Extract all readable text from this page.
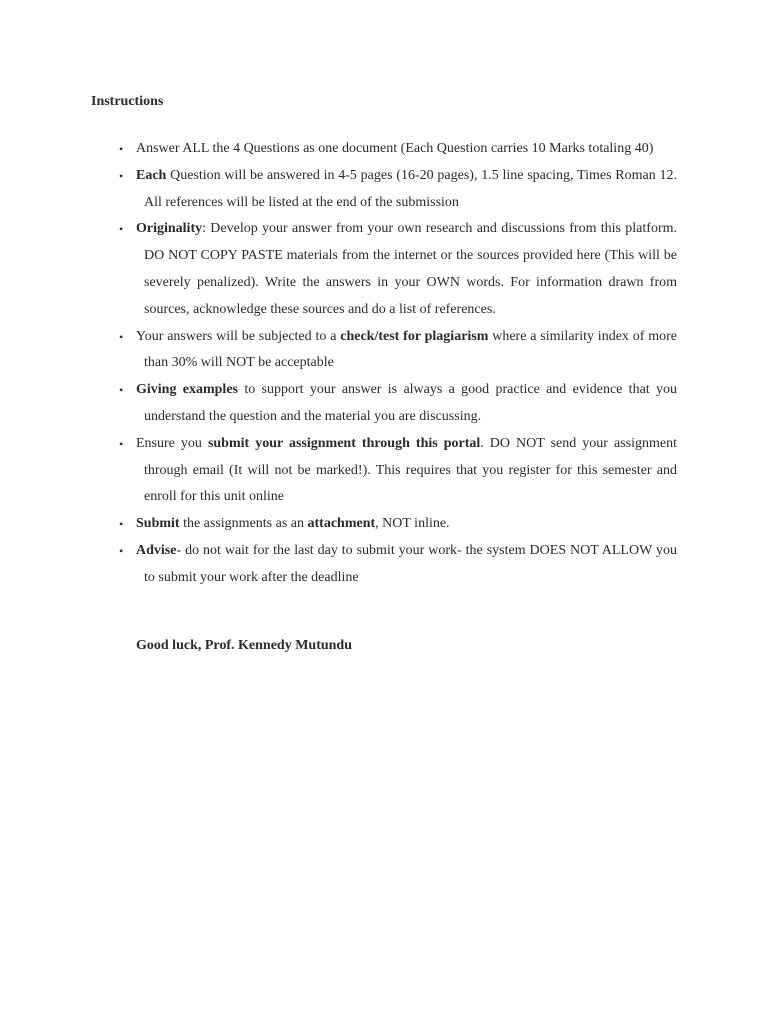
Instructions
• Answer ALL the 4 Questions as one document (Each Question carries 10 Marks totaling 40)
• Each Question will be answered in 4-5 pages (16-20 pages), 1.5 line spacing, Times Roman 12. All references will be listed at the end of the submission
• Originality: Develop your answer from your own research and discussions from this platform. DO NOT COPY PASTE materials from the internet or the sources provided here (This will be severely penalized). Write the answers in your OWN words. For information drawn from sources, acknowledge these sources and do a list of references.
• Your answers will be subjected to a check/test for plagiarism where a similarity index of more than 30% will NOT be acceptable
• Giving examples to support your answer is always a good practice and evidence that you understand the question and the material you are discussing.
• Ensure you submit your assignment through this portal. DO NOT send your assignment through email (It will not be marked!). This requires that you register for this semester and enroll for this unit online
• Submit the assignments as an attachment, NOT inline.
• Advise- do not wait for the last day to submit your work- the system DOES NOT ALLOW you to submit your work after the deadline
Good luck, Prof. Kennedy Mutundu
